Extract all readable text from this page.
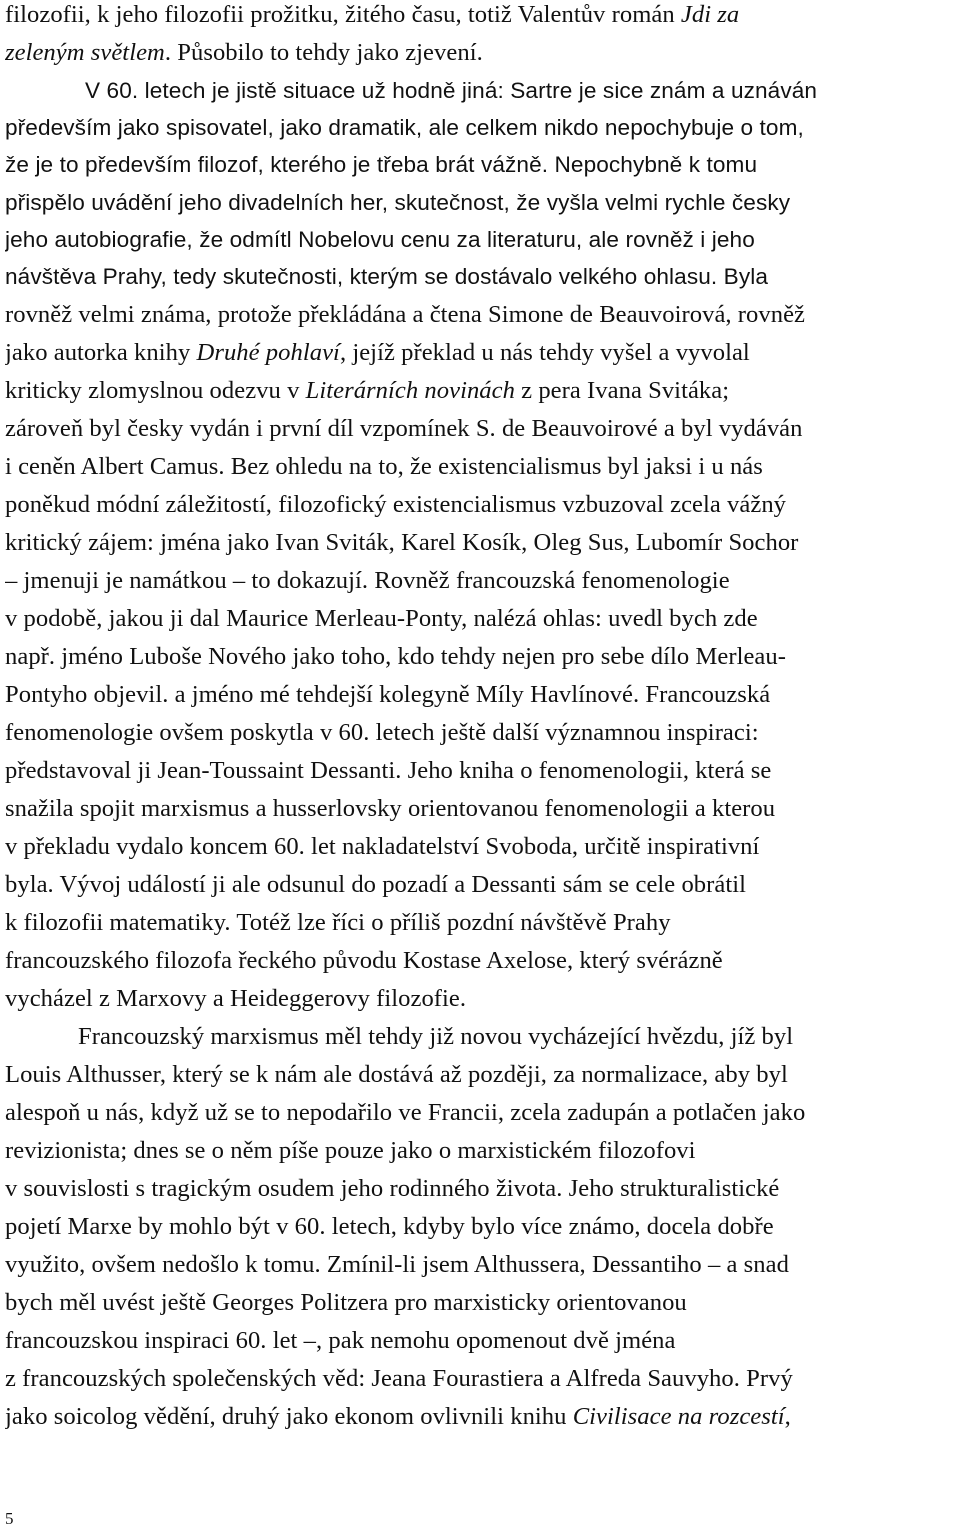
filozofii, k jeho filozofii prožitku, žitého času, totiž Valentův román Jdi za
zeleným světlem. Působilo to tehdy jako zjevení.
V 60. letech je jistě situace už hodně jiná: Sartre je sice znám a uznáván
především jako spisovatel, jako dramatik, ale celkem nikdo nepochybuje o tom,
že je to především filozof, kterého je třeba brát vážně. Nepochybně k tomu
přispělo uvádění jeho divadelních her, skutečnost, že vyšla velmi rychle česky
jeho autobiografie, že odmítl Nobelovu cenu za literaturu, ale rovněž i jeho
návštěva Prahy, tedy skutečnosti, kterým se dostávalo velkého ohlasu. Byla
rovněž velmi známa, protože překládána a čtena Simone de Beauvoirová, rovněž
jako autorka knihy Druhé pohlaví, jejíž překlad u nás tehdy vyšel a vyvolal
kriticky zlomyslnou odezvu v Literárních novinách z pera Ivana Svitáka;
zároveň byl česky vydán i první díl vzpomínek S. de Beauvoirové a byl vydáván
i ceněn Albert Camus. Bez ohledu na to, že existencialismus byl jaksi i u nás
poněkud módní záležitostí, filozofický existencialismus vzbuzoval zcela vážný
kritický zájem: jména jako Ivan Sviták, Karel Kosík, Oleg Sus, Lubomír Sochor
– jmenuji je namátkou – to dokazují. Rovněž francouzská fenomenologie
v podobě, jakou ji dal Maurice Merleau-Ponty, nalézá ohlas: uvedl bych zde
např. jméno Luboše Nového jako toho, kdo tehdy nejen pro sebe dílo Merleau-
Pontyho objevil. a jméno mé tehdejší kolegyně Míly Havlínové. Francouzská
fenomenologie ovšem poskytla v 60. letech ještě další významnou inspiraci:
představoval ji Jean-Toussaint Dessanti. Jeho kniha o fenomenologii, která se
snažila spojit marxismus a husserlovsky orientovanou fenomenologii a kterou
v překladu vydalo koncem 60. let nakladatelství Svoboda, určitě inspirativní
byla. Vývoj událostí ji ale odsunul do pozadí a Dessanti sám se cele obrátil
k filozofii matematiky. Totéž lze říci o příliš pozdní návštěvě Prahy
francouzského filozofa řeckého původu Kostase Axelose, který svérázně
vycházel z Marxovy a Heideggerovy filozofie.
Francouzský marxismus měl tehdy již novou vycházející hvězdu, jíž byl
Louis Althusser, který se k nám ale dostává až později, za normalizace, aby byl
alespoň u nás, když už se to nepodařilo ve Francii, zcela zadupán a potlačen jako
revizionista; dnes se o něm píše pouze jako o marxistickém filozofovi
v souvislosti s tragickým osudem jeho rodinného života. Jeho strukturalistické
pojetí Marxe by mohlo být v 60. letech, kdyby bylo více známo, docela dobře
využito, ovšem nedošlo k tomu. Zmínil-li jsem Althussera, Dessantiho – a snad
bych měl uvést ještě Georges Politzera pro marxisticky orientovanou
francouzskou inspiraci 60. let –, pak nemohu opomenout dvě jména
z francouzských společenských věd: Jeana Fourastiera a Alfreda Sauvyho. Prvý
jako soicolog vědění, druhý jako ekonom ovlivnili knihu Civilisace na rozcestí,
5
